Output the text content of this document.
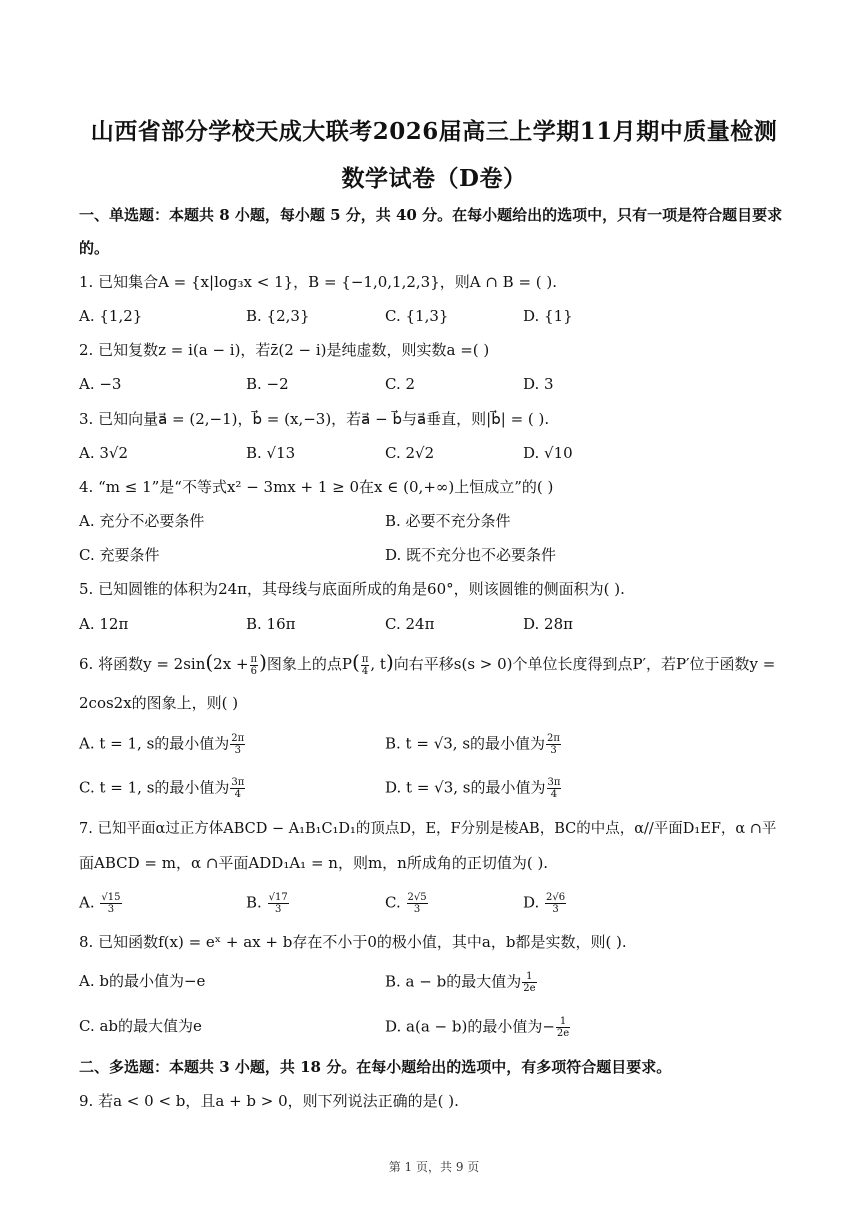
山西省部分学校天成大联考2026届高三上学期11月期中质量检测
数学试卷（D卷）
一、单选题：本题共 8 小题，每小题 5 分，共 40 分。在每小题给出的选项中，只有一项是符合题目要求
的。
1. 已知集合A = {x|log₃x < 1}，B = {−1,0,1,2,3}，则A ∩ B = ( ).
A. {1,2}	B. {2,3}	C. {1,3}	D. {1}
2. 已知复数z = i(a − i)，若z̄(2 − i)是纯虚数，则实数a =( )
A. −3	B. −2	C. 2	D. 3
3. 已知向量a⃗ = (2,−1)，b⃗ = (x,−3)，若a⃗ − b⃗与a⃗垂直，则|b⃗| = ( ).
A. 3√2	B. √13	C. 2√2	D. √10
4. “m ≤ 1”是“不等式x² − 3mx + 1 ≥ 0在x ∈ (0,+∞)上恒成立”的( )
A. 充分不必要条件	B. 必要不充分条件
C. 充要条件	D. 既不充分也不必要条件
5. 已知圆锥的体积为24π，其母线与底面所成的角是60°，则该圆锥的侧面积为( ).
A. 12π	B. 16π	C. 24π	D. 28π
6. 将函数$y = 2\sin(2x + \frac{\pi}{6}$ )图象上的点$P( \frac{\pi}{4}$ , t)向右平移s(s > 0)个单位长度得到点P′，若P′位于函数y =
2cos2x的图象上，则( )
A. t = 1, s的最小值为 $\frac{2\pi}{3}$	B. t = √3, s的最小值为 $\frac{2\pi}{3}$
C. t = 1, s的最小值为 $\frac{3\pi}{4}$	D. t = √3, s的最小值为 $\frac{3\pi}{4}$
7. 已知平面α过正方体ABCD − A₁B₁C₁D₁的顶点D，E，F分别是棱AB，BC的中点，α//平面D₁EF，α ∩平
面ABCD = m，α ∩平面ADD₁A₁ = n，则m，n所成角的正切值为( ).
A. $\frac{√15}{3}$	B. $\frac{√17}{3}$	C. $\frac{2√5}{3}$	D. $\frac{2√6}{3}$
8. 已知函数f(x) = eˣ + ax + b存在不小于0的极小值，其中a，b都是实数，则( ).
A. b的最小值为−e	B. a − b的最大值为 $\frac{1}{2e}$
C. ab的最大值为e	D. a(a − b)的最小值为− $\frac{1}{2e}$
二、多选题：本题共 3 小题，共 18 分。在每小题给出的选项中，有多项符合题目要求。
9. 若a < 0 < b，且a + b > 0，则下列说法正确的是( ).
第 1 页，共 9 页
